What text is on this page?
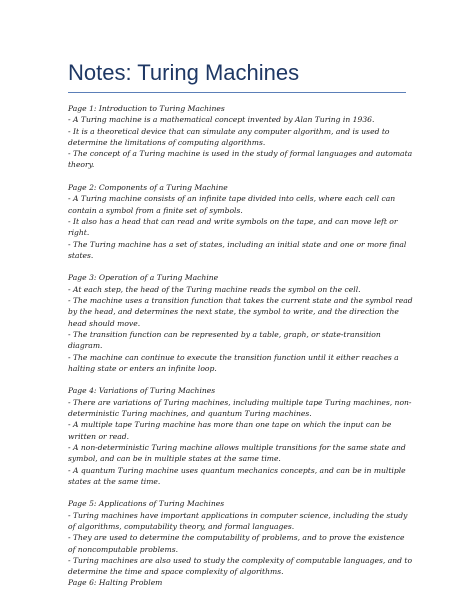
Notes: Turing Machines
Page 1: Introduction to Turing Machines
- A Turing machine is a mathematical concept invented by Alan Turing in 1936.
- It is a theoretical device that can simulate any computer algorithm, and is used to determine the limitations of computing algorithms.
- The concept of a Turing machine is used in the study of formal languages and automata theory.
Page 2: Components of a Turing Machine
- A Turing machine consists of an infinite tape divided into cells, where each cell can contain a symbol from a finite set of symbols.
- It also has a head that can read and write symbols on the tape, and can move left or right.
- The Turing machine has a set of states, including an initial state and one or more final states.
Page 3: Operation of a Turing Machine
- At each step, the head of the Turing machine reads the symbol on the cell.
- The machine uses a transition function that takes the current state and the symbol read by the head, and determines the next state, the symbol to write, and the direction the head should move.
- The transition function can be represented by a table, graph, or state-transition diagram.
- The machine can continue to execute the transition function until it either reaches a halting state or enters an infinite loop.
Page 4: Variations of Turing Machines
- There are variations of Turing machines, including multiple tape Turing machines, non-deterministic Turing machines, and quantum Turing machines.
- A multiple tape Turing machine has more than one tape on which the input can be written or read.
- A non-deterministic Turing machine allows multiple transitions for the same state and symbol, and can be in multiple states at the same time.
- A quantum Turing machine uses quantum mechanics concepts, and can be in multiple states at the same time.
Page 5: Applications of Turing Machines
- Turing machines have important applications in computer science, including the study of algorithms, computability theory, and formal languages.
- They are used to determine the computability of problems, and to prove the existence of noncomputable problems.
- Turing machines are also used to study the complexity of computable languages, and to determine the time and space complexity of algorithms.
Page 6: Halting Problem
